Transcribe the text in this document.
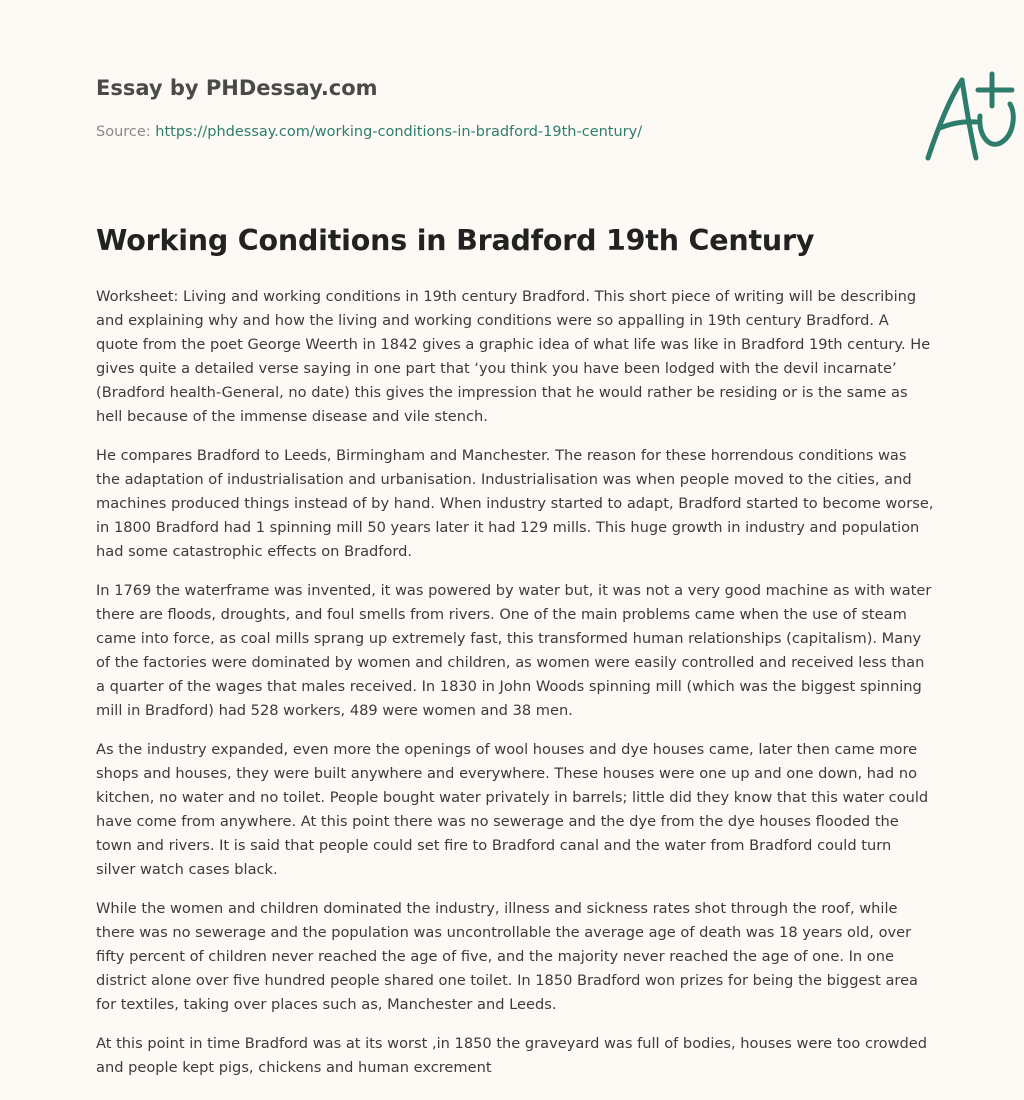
Essay by PHDessay.com
Source: https://phdessay.com/working-conditions-in-bradford-19th-century/
Working Conditions in Bradford 19th Century

Worksheet: Living and working conditions in 19th century Bradford. This short piece of writing will be describing and explaining why and how the living and working conditions were so appalling in 19th century Bradford. A quote from the poet George Weerth in 1842 gives a graphic idea of what life was like in Bradford 19th century. He gives quite a detailed verse saying in one part that ‘you think you have been lodged with the devil incarnate’ (Bradford health-General, no date) this gives the impression that he would rather be residing or is the same as hell because of the immense disease and vile stench.

He compares Bradford to Leeds, Birmingham and Manchester. The reason for these horrendous conditions was the adaptation of industrialisation and urbanisation. Industrialisation was when people moved to the cities, and machines produced things instead of by hand. When industry started to adapt, Bradford started to become worse, in 1800 Bradford had 1 spinning mill 50 years later it had 129 mills. This huge growth in industry and population had some catastrophic effects on Bradford.

In 1769 the waterframe was invented, it was powered by water but, it was not a very good machine as with water there are floods, droughts, and foul smells from rivers. One of the main problems came when the use of steam came into force, as coal mills sprang up extremely fast, this transformed human relationships (capitalism). Many of the factories were dominated by women and children, as women were easily controlled and received less than a quarter of the wages that males received. In 1830 in John Woods spinning mill (which was the biggest spinning mill in Bradford) had 528 workers, 489 were women and 38 men.

As the industry expanded, even more the openings of wool houses and dye houses came, later then came more shops and houses, they were built anywhere and everywhere. These houses were one up and one down, had no kitchen, no water and no toilet. People bought water privately in barrels; little did they know that this water could have come from anywhere. At this point there was no sewerage and the dye from the dye houses flooded the town and rivers. It is said that people could set fire to Bradford canal and the water from Bradford could turn silver watch cases black.

While the women and children dominated the industry, illness and sickness rates shot through the roof, while there was no sewerage and the population was uncontrollable the average age of death was 18 years old, over fifty percent of children never reached the age of five, and the majority never reached the age of one. In one district alone over five hundred people shared one toilet. In 1850 Bradford won prizes for being the biggest area for textiles, taking over places such as, Manchester and Leeds.

At this point in time Bradford was at its worst ,in 1850 the graveyard was full of bodies, houses were too crowded and people kept pigs, chickens and human excrement
